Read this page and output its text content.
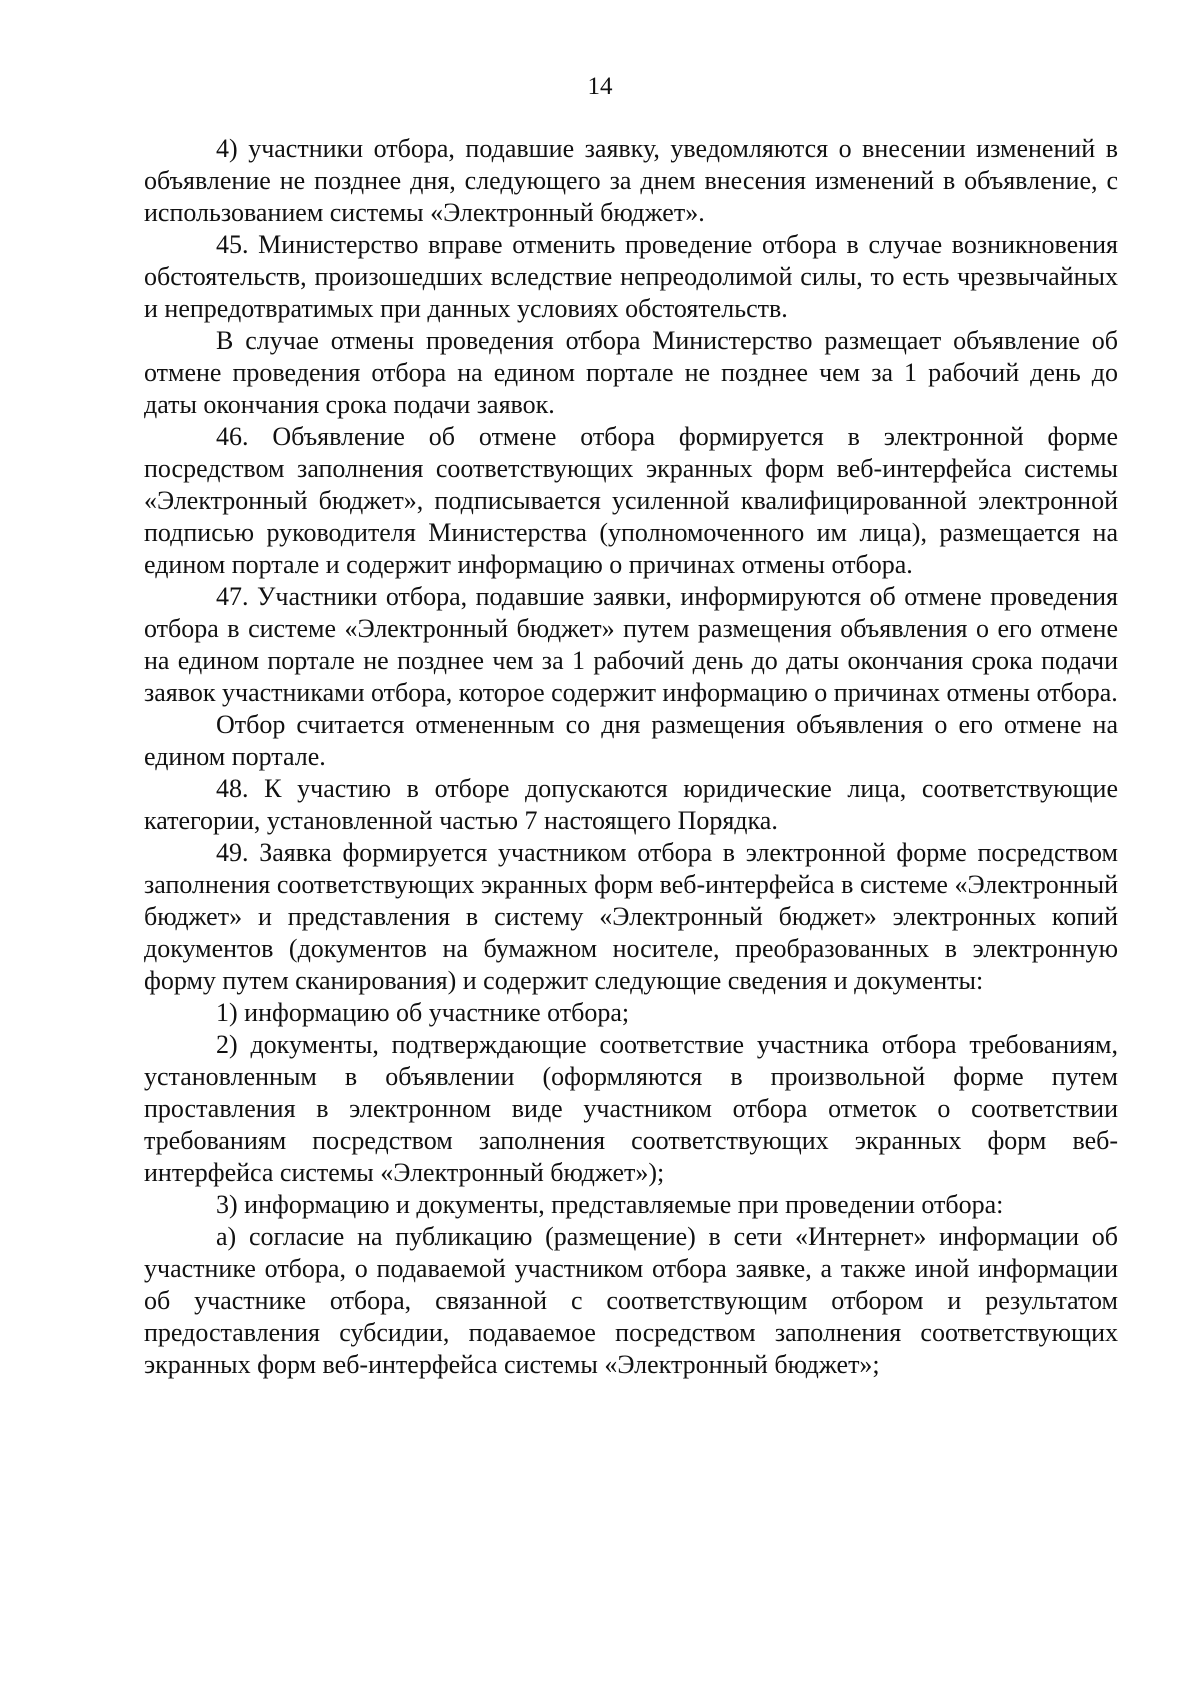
14

4) участники отбора, подавшие заявку, уведомляются о внесении изменений в объявление не позднее дня, следующего за днем внесения изменений в объявление, с использованием системы «Электронный бюджет».

45. Министерство вправе отменить проведение отбора в случае возникновения обстоятельств, произошедших вследствие непреодолимой силы, то есть чрезвычайных и непредотвратимых при данных условиях обстоятельств.

В случае отмены проведения отбора Министерство размещает объявление об отмене проведения отбора на едином портале не позднее чем за 1 рабочий день до даты окончания срока подачи заявок.

46. Объявление об отмене отбора формируется в электронной форме посредством заполнения соответствующих экранных форм веб-интерфейса системы «Электронный бюджет», подписывается усиленной квалифицированной электронной подписью руководителя Министерства (уполномоченного им лица), размещается на едином портале и содержит информацию о причинах отмены отбора.

47. Участники отбора, подавшие заявки, информируются об отмене проведения отбора в системе «Электронный бюджет» путем размещения объявления о его отмене на едином портале не позднее чем за 1 рабочий день до даты окончания срока подачи заявок участниками отбора, которое содержит информацию о причинах отмены отбора.

Отбор считается отмененным со дня размещения объявления о его отмене на едином портале.

48. К участию в отборе допускаются юридические лица, соответствующие категории, установленной частью 7 настоящего Порядка.

49. Заявка формируется участником отбора в электронной форме посредством заполнения соответствующих экранных форм веб-интерфейса в системе «Электронный бюджет» и представления в систему «Электронный бюджет» электронных копий документов (документов на бумажном носителе, преобразованных в электронную форму путем сканирования) и содержит следующие сведения и документы:

1) информацию об участнике отбора;

2) документы, подтверждающие соответствие участника отбора требованиям, установленным в объявлении (оформляются в произвольной форме путем проставления в электронном виде участником отбора отметок о соответствии требованиям посредством заполнения соответствующих экранных форм веб-интерфейса системы «Электронный бюджет»);

3) информацию и документы, представляемые при проведении отбора:

а) согласие на публикацию (размещение) в сети «Интернет» информации об участнике отбора, о подаваемой участником отбора заявке, а также иной информации об участнике отбора, связанной с соответствующим отбором и результатом предоставления субсидии, подаваемое посредством заполнения соответствующих экранных форм веб-интерфейса системы «Электронный бюджет»;
